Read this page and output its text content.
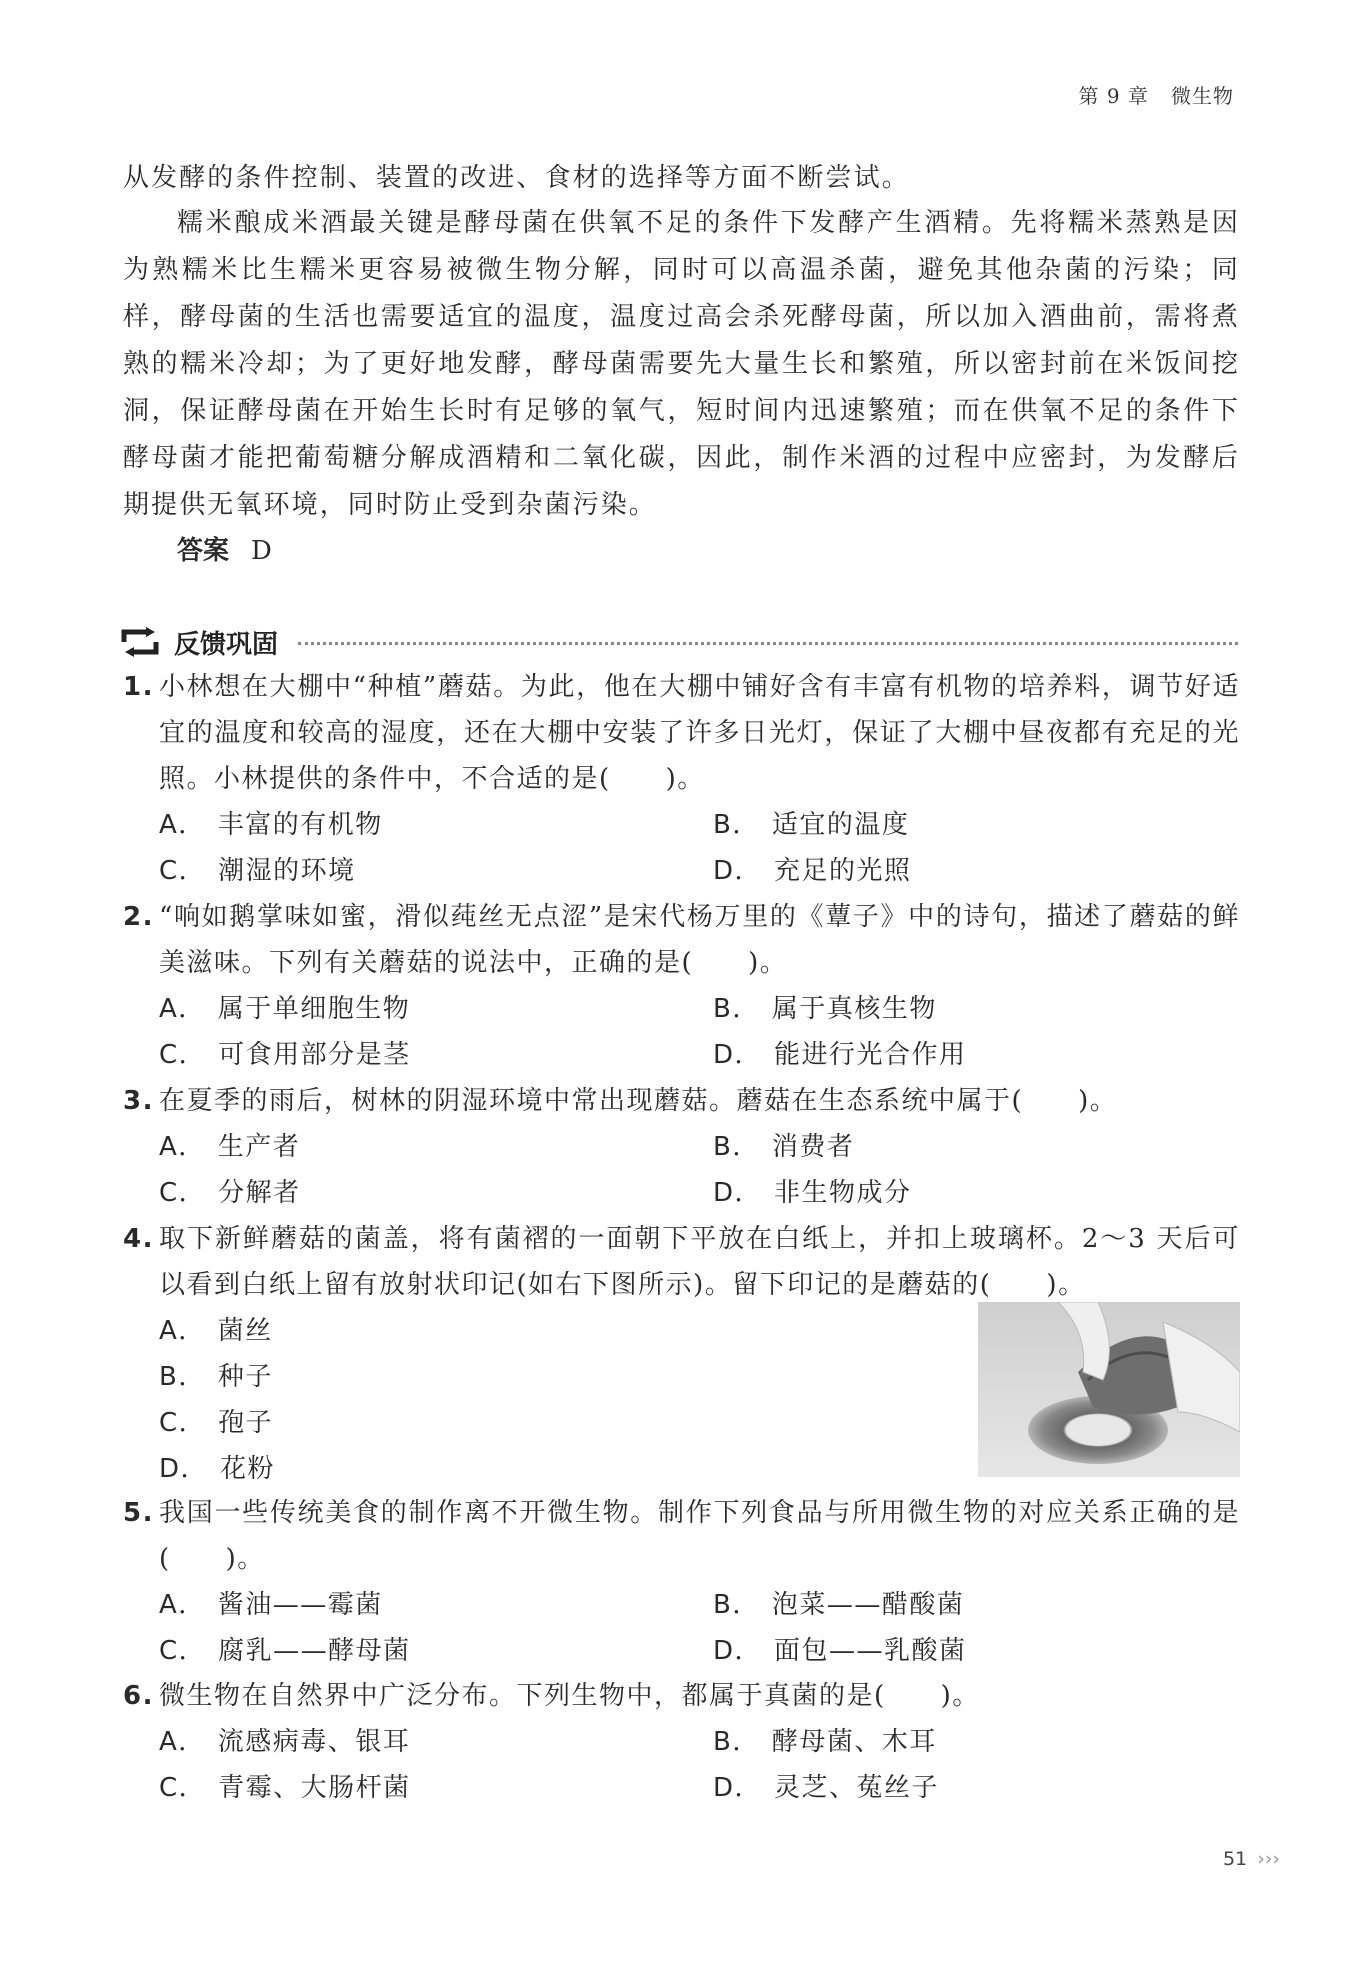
第 9 章 微生物
从发酵的条件控制、装置的改进、食材的选择等方面不断尝试。
糯米酿成米酒最关键是酵母菌在供氧不足的条件下发酵产生酒精。先将糯米蒸熟是因为熟糯米比生糯米更容易被微生物分解，同时可以高温杀菌，避免其他杂菌的污染；同样，酵母菌的生活也需要适宜的温度，温度过高会杀死酵母菌，所以加入酒曲前，需将煮熟的糯米冷却；为了更好地发酵，酵母菌需要先大量生长和繁殖，所以密封前在米饭间挖洞，保证酵母菌在开始生长时有足够的氧气，短时间内迅速繁殖；而在供氧不足的条件下酵母菌才能把葡萄糖分解成酒精和二氧化碳，因此，制作米酒的过程中应密封，为发酵后期提供无氧环境，同时防止受到杂菌污染。
答案 D
反馈巩固
1. 小林想在大棚中“种植”蘑菇。为此，他在大棚中铺好含有丰富有机物的培养料，调节好适宜的温度和较高的湿度，还在大棚中安装了许多日光灯，保证了大棚中昼夜都有充足的光照。小林提供的条件中，不合适的是(　　)。
A． 丰富的有机物	B． 适宜的温度
C． 潮湿的环境	D． 充足的光照
2. “响如鹅掌味如蜜，滑似莼丝无点涩”是宋代杨万里的《蕈子》中的诗句，描述了蘑菇的鲜美滋味。下列有关蘑菇的说法中，正确的是(　　)。
A． 属于单细胞生物	B． 属于真核生物
C． 可食用部分是茎	D． 能进行光合作用
3. 在夏季的雨后，树林的阴湿环境中常出现蘑菇。蘑菇在生态系统中属于(　　)。
A． 生产者	B． 消费者
C． 分解者	D． 非生物成分
4. 取下新鲜蘑菇的菌盖，将有菌褶的一面朝下平放在白纸上，并扣上玻璃杯。2～3 天后可以看到白纸上留有放射状印记(如右下图所示)。留下印记的是蘑菇的(　　)。
A． 菌丝
B． 种子
C． 孢子
D． 花粉
5. 我国一些传统美食的制作离不开微生物。制作下列食品与所用微生物的对应关系正确的是(　　)。
A． 酱油——霉菌	B． 泡菜——醋酸菌
C． 腐乳——酵母菌	D． 面包——乳酸菌
6. 微生物在自然界中广泛分布。下列生物中，都属于真菌的是(　　)。
A． 流感病毒、银耳	B． 酵母菌、木耳
C． 青霉、大肠杆菌	D． 灵芝、菟丝子
51 ›››
